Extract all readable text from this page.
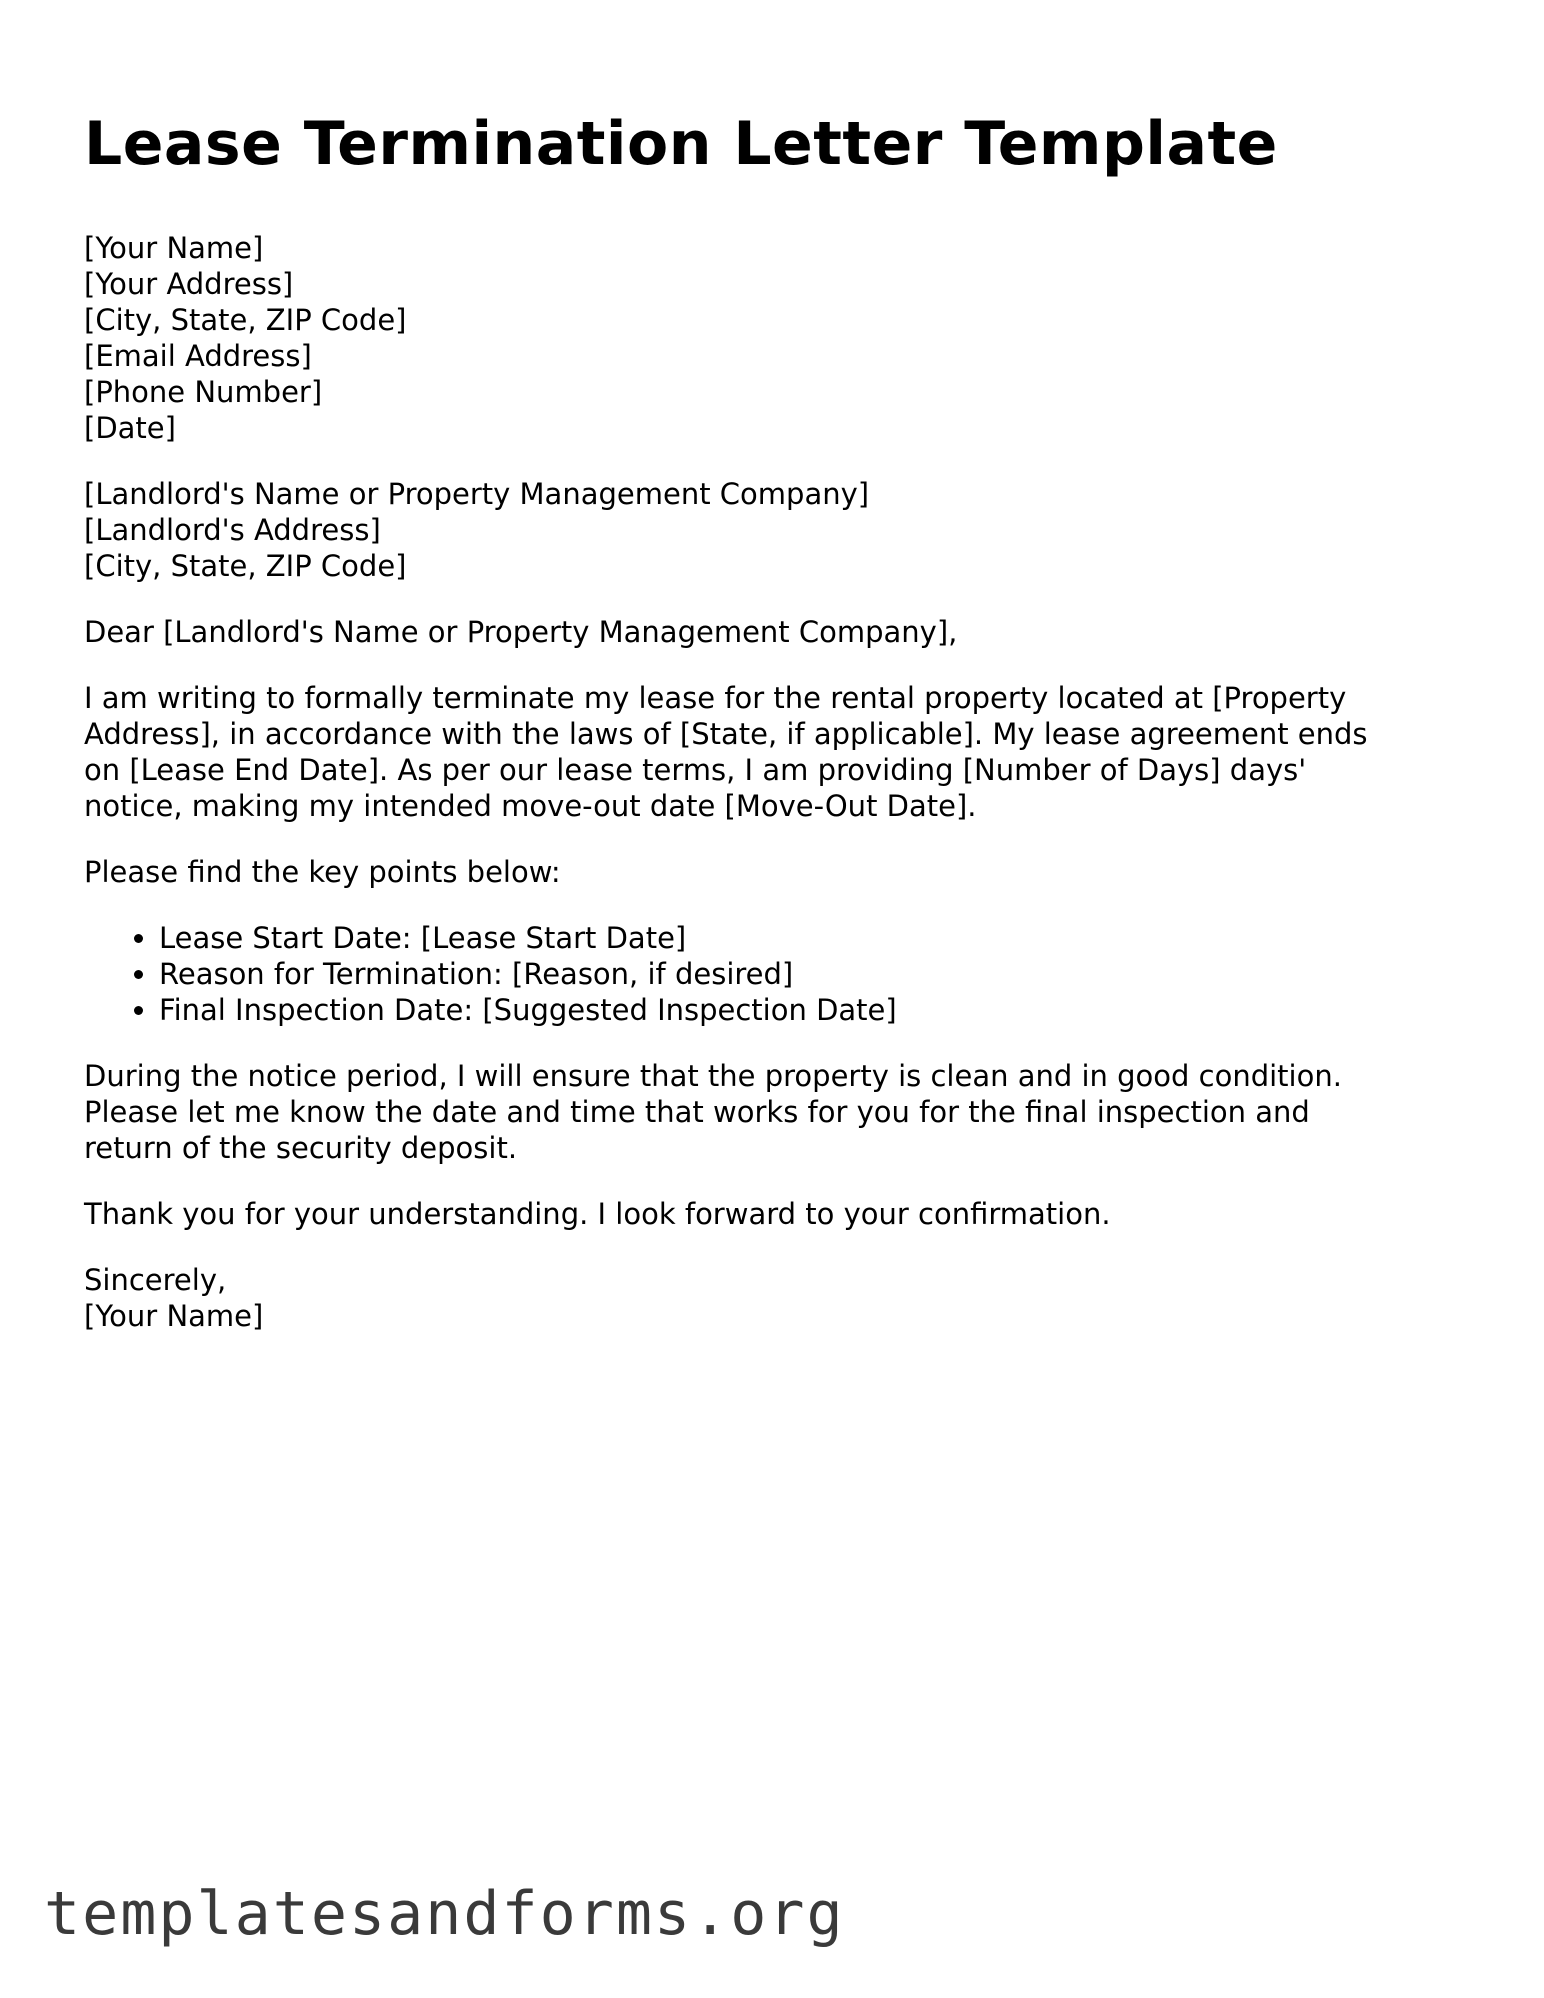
Lease Termination Letter Template

[Your Name]
[Your Address]
[City, State, ZIP Code]
[Email Address]
[Phone Number]
[Date]

[Landlord's Name or Property Management Company]
[Landlord's Address]
[City, State, ZIP Code]

Dear [Landlord's Name or Property Management Company],

I am writing to formally terminate my lease for the rental property located at [Property
Address], in accordance with the laws of [State, if applicable]. My lease agreement ends
on [Lease End Date]. As per our lease terms, I am providing [Number of Days] days'
notice, making my intended move-out date [Move-Out Date].

Please find the key points below:

• Lease Start Date: [Lease Start Date]
• Reason for Termination: [Reason, if desired]
• Final Inspection Date: [Suggested Inspection Date]

During the notice period, I will ensure that the property is clean and in good condition.
Please let me know the date and time that works for you for the final inspection and
return of the security deposit.

Thank you for your understanding. I look forward to your confirmation.

Sincerely,
[Your Name]

templatesandforms.org
